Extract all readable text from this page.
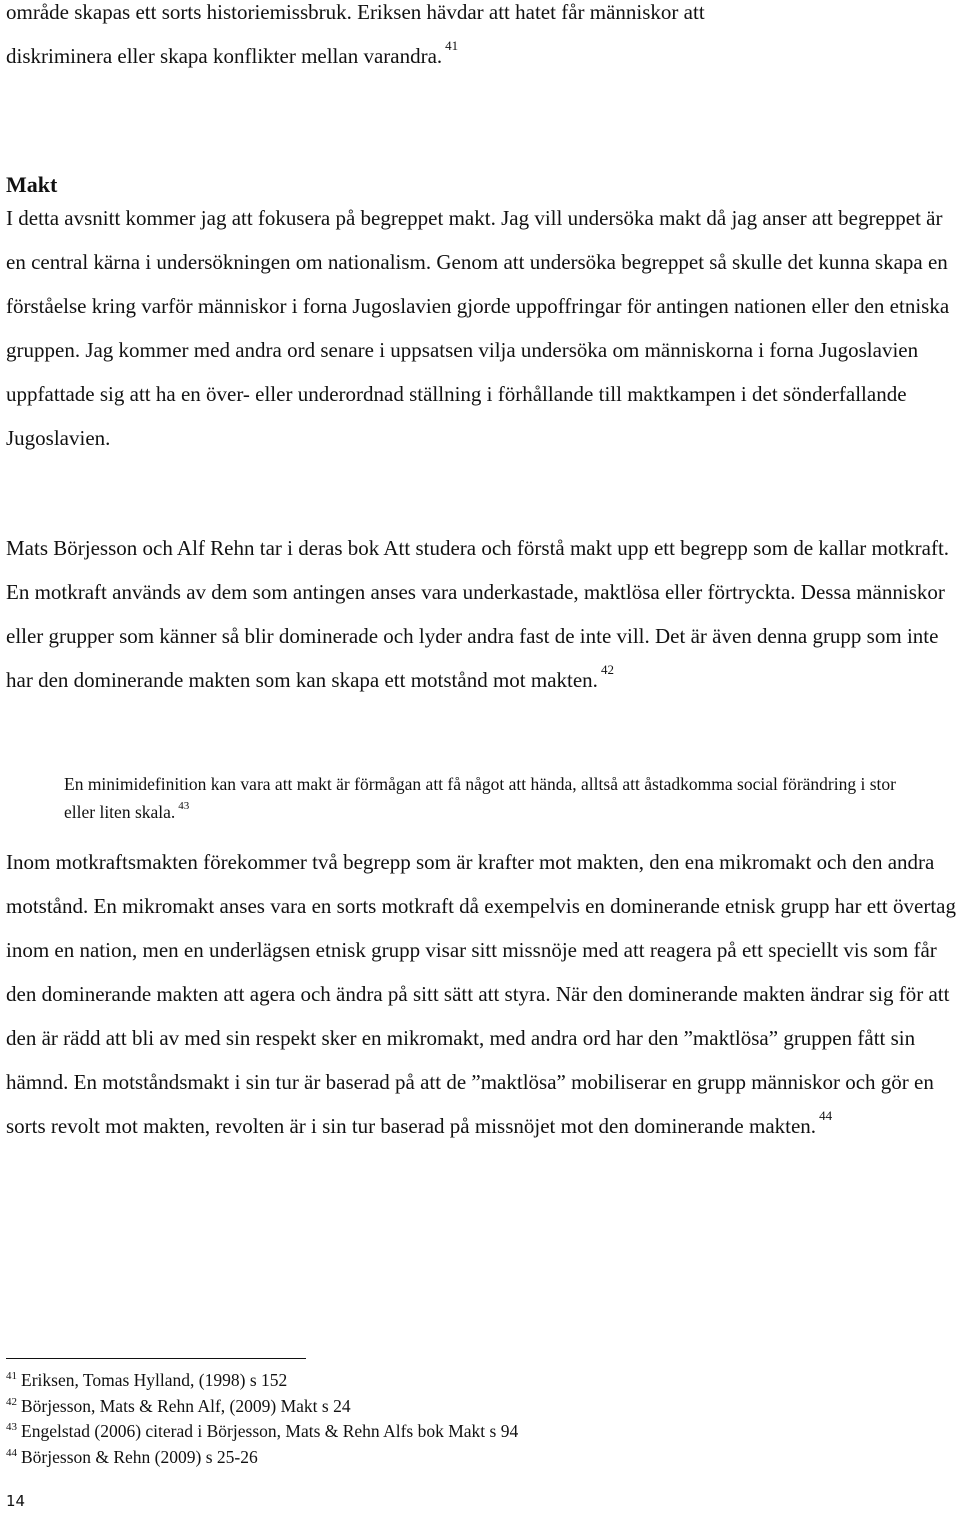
område skapas ett sorts historiemissbruk. Eriksen hävdar att hatet får människor att

diskriminera eller skapa konflikter mellan varandra. $^{41}$

Makt

I detta avsnitt kommer jag att fokusera på begreppet makt. Jag vill undersöka makt då jag anser att begreppet är en central kärna i undersökningen om nationalism. Genom att undersöka begreppet så skulle det kunna skapa en förståelse kring varför människor i forna Jugoslavien gjorde uppoffringar för antingen nationen eller den etniska gruppen. Jag kommer med andra ord senare i uppsatsen vilja undersöka om människorna i forna Jugoslavien uppfattade sig att ha en över- eller underordnad ställning i förhållande till maktkampen i det sönderfallande Jugoslavien.

Mats Börjesson och Alf Rehn tar i deras bok Att studera och förstå makt upp ett begrepp som de kallar motkraft. En motkraft används av dem som antingen anses vara underkastade, maktlösa eller förtryckta. Dessa människor eller grupper som känner så blir dominerade och lyder andra fast de inte vill. Det är även denna grupp som inte har den dominerande makten som kan skapa ett motstånd mot makten. $^{42}$

En minimidefinition kan vara att makt är förmågan att få något att hända, alltså att åstadkomma social förändring i stor eller liten skala. $^{43}$

Inom motkraftsmakten förekommer två begrepp som är krafter mot makten, den ena mikromakt och den andra motstånd. En mikromakt anses vara en sorts motkraft då exempelvis en dominerande etnisk grupp har ett övertag inom en nation, men en underlägsen etnisk grupp visar sitt missnöje med att reagera på ett speciellt vis som får den dominerande makten att agera och ändra på sitt sätt att styra. När den dominerande makten ändrar sig för att den är rädd att bli av med sin respekt sker en mikromakt, med andra ord har den ”maktlösa” gruppen fått sin hämnd. En motståndsmakt i sin tur är baserad på att de ”maktlösa” mobiliserar en grupp människor och gör en sorts revolt mot makten, revolten är i sin tur baserad på missnöjet mot den dominerande makten. $^{44}$

$^{41}$ Eriksen, Tomas Hylland, (1998) s 152
$^{42}$ Börjesson, Mats & Rehn Alf, (2009) Makt s 24
$^{43}$ Engelstad (2006) citerad i Börjesson, Mats & Rehn Alfs bok Makt s 94
$^{44}$ Börjesson & Rehn (2009) s 25-26

14
